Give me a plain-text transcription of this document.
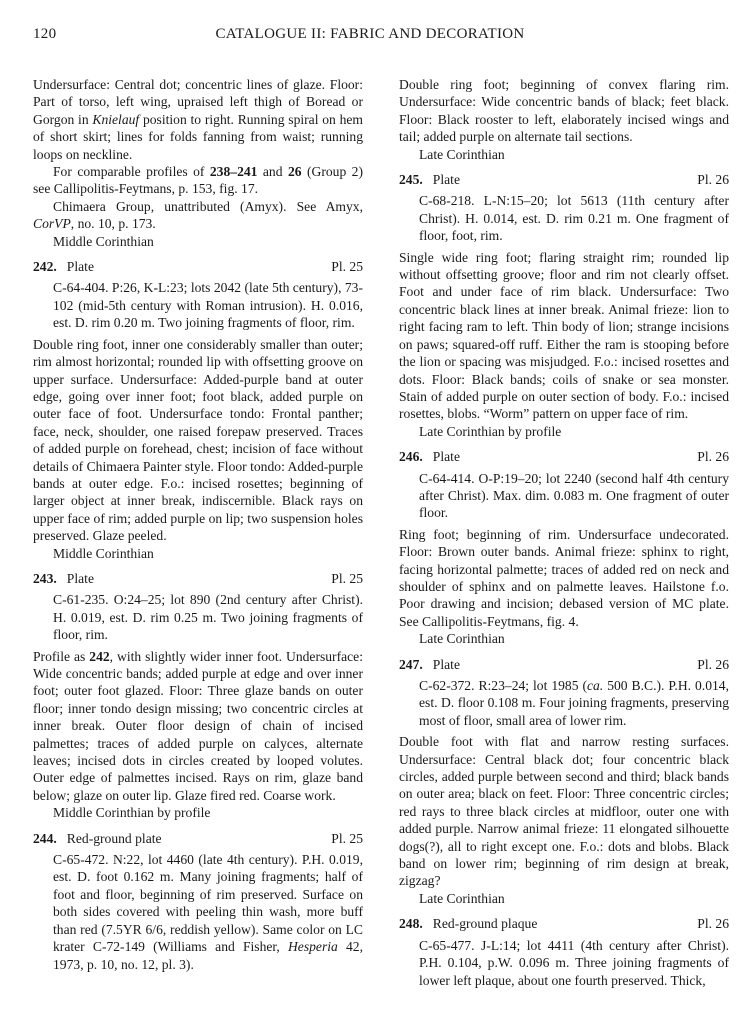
120	CATALOGUE II: FABRIC AND DECORATION

Undersurface: Central dot; concentric lines of glaze. Floor: Part of torso, left wing, upraised left thigh of Boread or Gorgon in Knielauf position to right. Running spiral on hem of short skirt; lines for folds fanning from waist; running loops on neckline.

For comparable profiles of 238–241 and 26 (Group 2) see Callipolitis-Feytmans, p. 153, fig. 17.

Chimaera Group, unattributed (Amyx). See Amyx, CorVP, no. 10, p. 173.

Middle Corinthian

242. Plate	Pl. 25

C-64-404. P:26, K-L:23; lots 2042 (late 5th century), 73-102 (mid-5th century with Roman intrusion). H. 0.016, est. D. rim 0.20 m. Two joining fragments of floor, rim.

Double ring foot, inner one considerably smaller than outer; rim almost horizontal; rounded lip with offsetting groove on upper surface. Undersurface: Added-purple band at outer edge, going over inner foot; foot black, added purple on outer face of foot. Undersurface tondo: Frontal panther; face, neck, shoulder, one raised forepaw preserved. Traces of added purple on forehead, chest; incision of face without details of Chimaera Painter style. Floor tondo: Added-purple bands at outer edge. F.o.: incised rosettes; beginning of larger object at inner break, indiscernible. Black rays on upper face of rim; added purple on lip; two suspension holes preserved. Glaze peeled.

Middle Corinthian

243. Plate	Pl. 25

C-61-235. O:24–25; lot 890 (2nd century after Christ). H. 0.019, est. D. rim 0.25 m. Two joining fragments of floor, rim.

Profile as 242, with slightly wider inner foot. Undersurface: Wide concentric bands; added purple at edge and over inner foot; outer foot glazed. Floor: Three glaze bands on outer floor; inner tondo design missing; two concentric circles at inner break. Outer floor design of chain of incised palmettes; traces of added purple on calyces, alternate leaves; incised dots in circles created by looped volutes. Outer edge of palmettes incised. Rays on rim, glaze band below; glaze on outer lip. Glaze fired red. Coarse work.

Middle Corinthian by profile

244. Red-ground plate	Pl. 25

C-65-472. N:22, lot 4460 (late 4th century). P.H. 0.019, est. D. foot 0.162 m. Many joining fragments; half of foot and floor, beginning of rim preserved. Surface on both sides covered with peeling thin wash, more buff than red (7.5YR 6/6, reddish yellow). Same color on LC krater C-72-149 (Williams and Fisher, Hesperia 42, 1973, p. 10, no. 12, pl. 3).

Double ring foot; beginning of convex flaring rim. Undersurface: Wide concentric bands of black; feet black. Floor: Black rooster to left, elaborately incised wings and tail; added purple on alternate tail sections.

Late Corinthian

245. Plate	Pl. 26

C-68-218. L-N:15–20; lot 5613 (11th century after Christ). H. 0.014, est. D. rim 0.21 m. One fragment of floor, foot, rim.

Single wide ring foot; flaring straight rim; rounded lip without offsetting groove; floor and rim not clearly offset. Foot and under face of rim black. Undersurface: Two concentric black lines at inner break. Animal frieze: lion to right facing ram to left. Thin body of lion; strange incisions on paws; squared-off ruff. Either the ram is stooping before the lion or spacing was misjudged. F.o.: incised rosettes and dots. Floor: Black bands; coils of snake or sea monster. Stain of added purple on outer section of body. F.o.: incised rosettes, blobs. “Worm” pattern on upper face of rim.

Late Corinthian by profile

246. Plate	Pl. 26

C-64-414. O-P:19–20; lot 2240 (second half 4th century after Christ). Max. dim. 0.083 m. One fragment of outer floor.

Ring foot; beginning of rim. Undersurface undecorated. Floor: Brown outer bands. Animal frieze: sphinx to right, facing horizontal palmette; traces of added red on neck and shoulder of sphinx and on palmette leaves. Hailstone f.o. Poor drawing and incision; debased version of MC plate. See Callipolitis-Feytmans, fig. 4.

Late Corinthian

247. Plate	Pl. 26

C-62-372. R:23–24; lot 1985 (ca. 500 B.C.). P.H. 0.014, est. D. floor 0.108 m. Four joining fragments, preserving most of floor, small area of lower rim.

Double foot with flat and narrow resting surfaces. Undersurface: Central black dot; four concentric black circles, added purple between second and third; black bands on outer area; black on feet. Floor: Three concentric circles; red rays to three black circles at midfloor, outer one with added purple. Narrow animal frieze: 11 elongated silhouette dogs(?), all to right except one. F.o.: dots and blobs. Black band on lower rim; beginning of rim design at break, zigzag?

Late Corinthian

248. Red-ground plaque	Pl. 26

C-65-477. J-L:14; lot 4411 (4th century after Christ). P.H. 0.104, p.W. 0.096 m. Three joining fragments of lower left plaque, about one fourth preserved. Thick,
